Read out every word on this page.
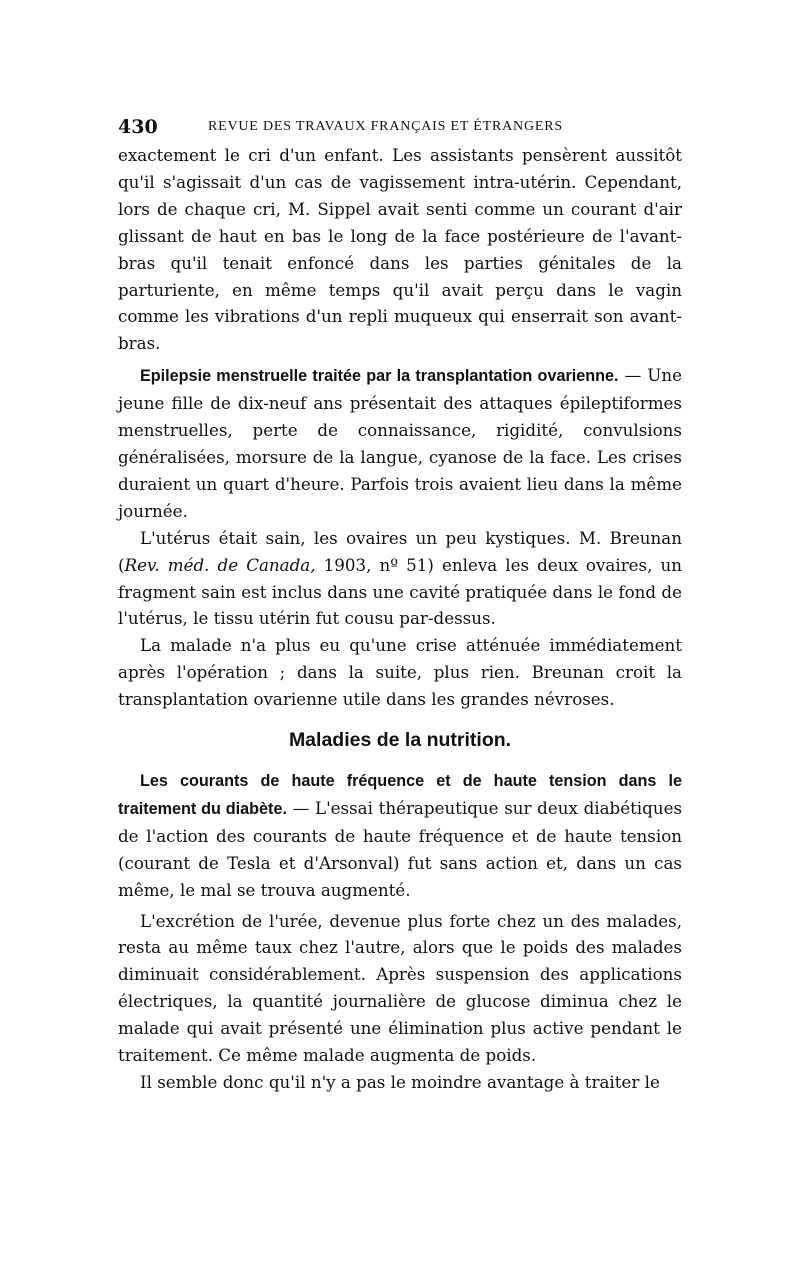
430	REVUE DES TRAVAUX FRANÇAIS ET ÉTRANGERS

exactement le cri d'un enfant. Les assistants pensèrent aussitôt qu'il s'agissait d'un cas de vagissement intra-utérin. Cependant, lors de chaque cri, M. Sippel avait senti comme un courant d'air glissant de haut en bas le long de la face postérieure de l'avant-bras qu'il tenait enfoncé dans les parties génitales de la parturiente, en même temps qu'il avait perçu dans le vagin comme les vibrations d'un repli muqueux qui enserrait son avant-bras.

Epilepsie menstruelle traitée par la transplantation ovarienne. — Une jeune fille de dix-neuf ans présentait des attaques épileptiformes menstruelles, perte de connaissance, rigidité, convulsions généralisées, morsure de la langue, cyanose de la face. Les crises duraient un quart d'heure. Parfois trois avaient lieu dans la même journée.

L'utérus était sain, les ovaires un peu kystiques. M. Breunan (Rev. méd. de Canada, 1903, nº 51) enleva les deux ovaires, un fragment sain est inclus dans une cavité pratiquée dans le fond de l'utérus, le tissu utérin fut cousu par-dessus.

La malade n'a plus eu qu'une crise atténuée immédiatement après l'opération ; dans la suite, plus rien. Breunan croit la transplantation ovarienne utile dans les grandes névroses.

Maladies de la nutrition.

Les courants de haute fréquence et de haute tension dans le traitement du diabète. — L'essai thérapeutique sur deux diabétiques de l'action des courants de haute fréquence et de haute tension (courant de Tesla et d'Arsonval) fut sans action et, dans un cas même, le mal se trouva augmenté.

L'excrétion de l'urée, devenue plus forte chez un des malades, resta au même taux chez l'autre, alors que le poids des malades diminuait considérablement. Après suspension des applications électriques, la quantité journalière de glucose diminua chez le malade qui avait présenté une élimination plus active pendant le traitement. Ce même malade augmenta de poids.

Il semble donc qu'il n'y a pas le moindre avantage à traiter le
